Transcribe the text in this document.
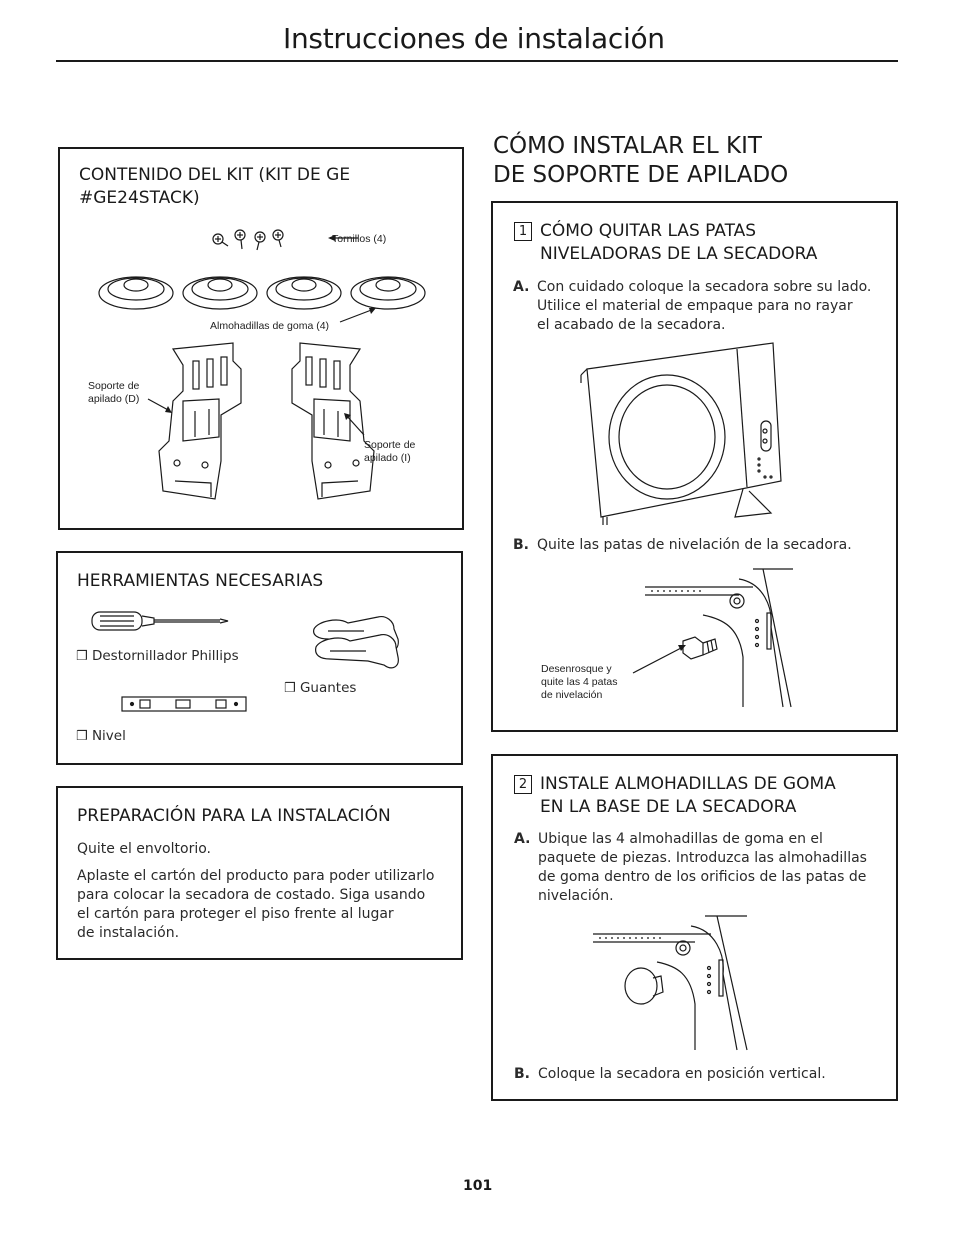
Instrucciones de instalación
CONTENIDO DEL KIT (KIT DE GE
#GE24STACK)
Tornillos (4)
Almohadillas de goma (4)
Soporte de
apilado (D)
Soporte de
apilado (I)
HERRAMIENTAS NECESARIAS
❒ Destornillador Phillips
❒ Guantes
❒ Nivel
PREPARACIÓN PARA LA INSTALACIÓN
Quite el envoltorio.
Aplaste el cartón del producto para poder utilizarlo
para colocar la secadora de costado. Siga usando
el cartón para proteger el piso frente al lugar
de instalación.
CÓMO INSTALAR EL KIT
DE SOPORTE DE APILADO
1 CÓMO QUITAR LAS PATAS
NIVELADORAS DE LA SECADORA
A. Con cuidado coloque la secadora sobre su lado.
Utilice el material de empaque para no rayar
el acabado de la secadora.
B. Quite las patas de nivelación de la secadora.
Desenrosque y
quite las 4 patas
de nivelación
2 INSTALE ALMOHADILLAS DE GOMA
EN LA BASE DE LA SECADORA
A. Ubique las 4 almohadillas de goma en el
paquete de piezas. Introduzca las almohadillas
de goma dentro de los orificios de las patas de
nivelación.
B. Coloque la secadora en posición vertical.
101
